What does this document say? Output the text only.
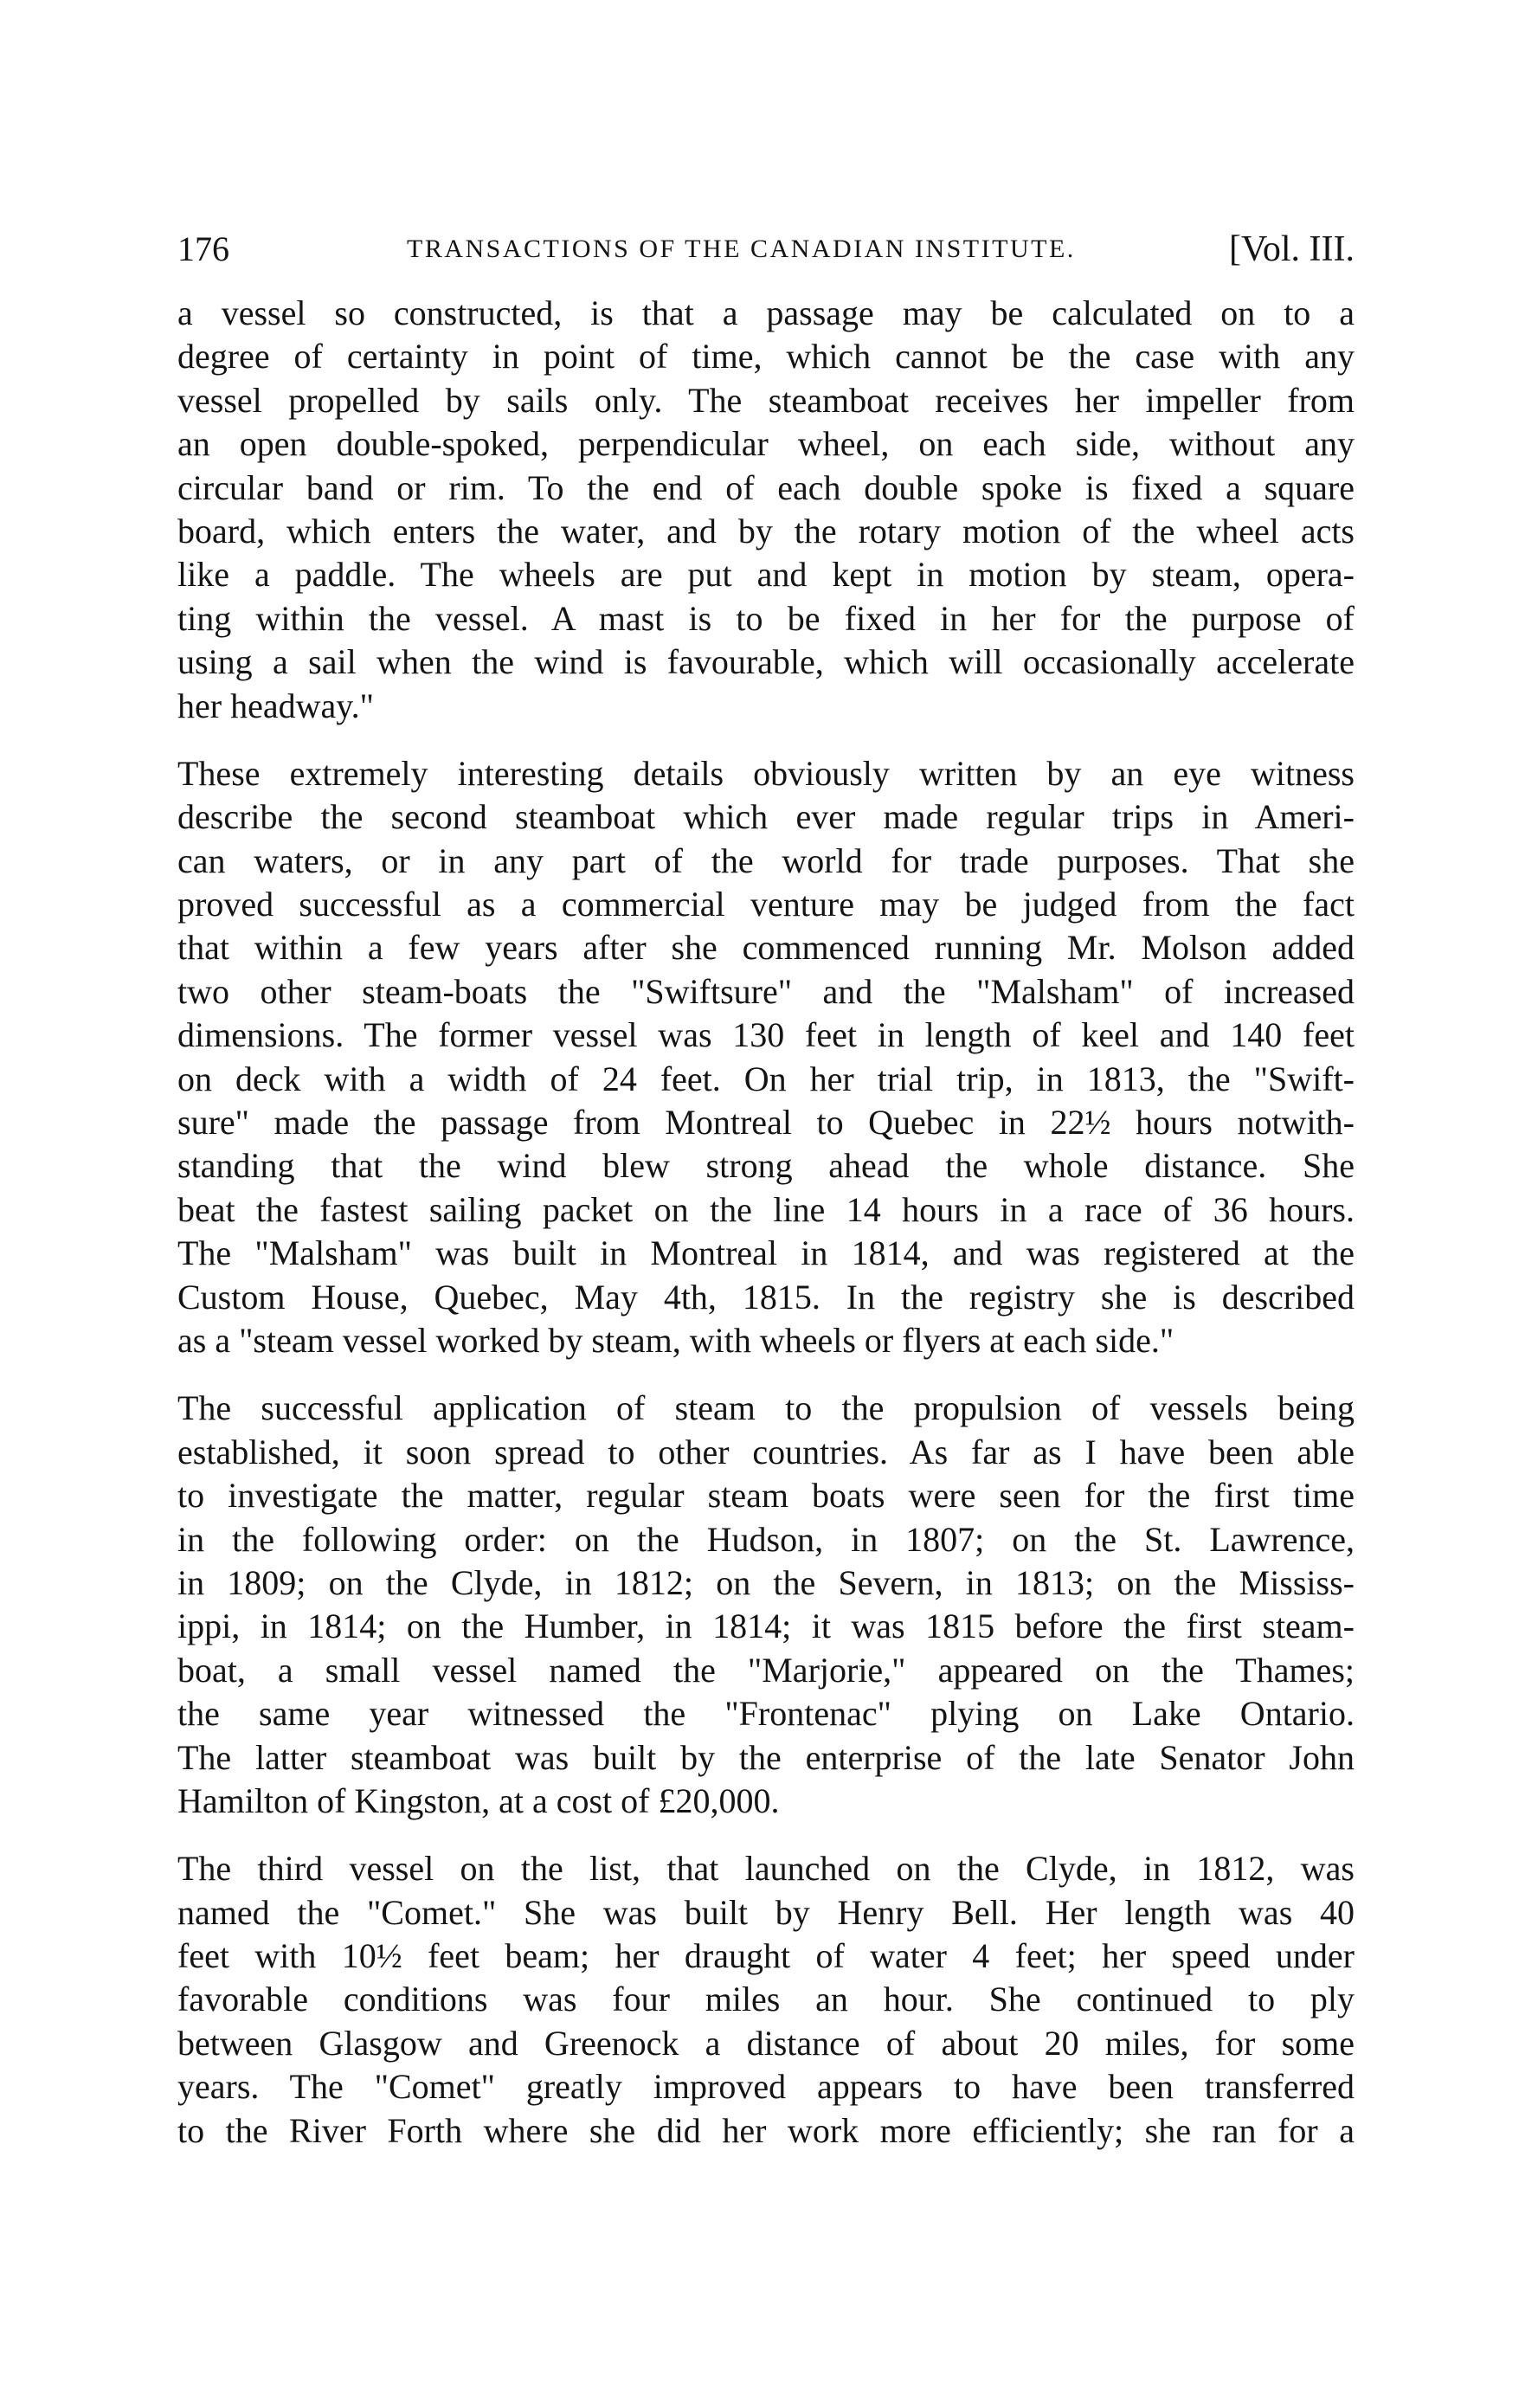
176	TRANSACTIONS OF THE CANADIAN INSTITUTE.	[Vol. III.
a vessel so constructed, is that a passage may be calculated on to a
degree of certainty in point of time, which cannot be the case with any
vessel propelled by sails only. The steamboat receives her impeller from
an open double-spoked, perpendicular wheel, on each side, without any
circular band or rim. To the end of each double spoke is fixed a square
board, which enters the water, and by the rotary motion of the wheel acts
like a paddle. The wheels are put and kept in motion by steam, opera-
ting within the vessel. A mast is to be fixed in her for the purpose of
using a sail when the wind is favourable, which will occasionally accelerate
her headway."
These extremely interesting details obviously written by an eye witness
describe the second steamboat which ever made regular trips in Ameri-
can waters, or in any part of the world for trade purposes. That she
proved successful as a commercial venture may be judged from the fact
that within a few years after she commenced running Mr. Molson added
two other steam-boats the "Swiftsure" and the "Malsham" of increased
dimensions. The former vessel was 130 feet in length of keel and 140 feet
on deck with a width of 24 feet. On her trial trip, in 1813, the "Swift-
sure" made the passage from Montreal to Quebec in 22½ hours notwith-
standing that the wind blew strong ahead the whole distance. She
beat the fastest sailing packet on the line 14 hours in a race of 36 hours.
The "Malsham" was built in Montreal in 1814, and was registered at the
Custom House, Quebec, May 4th, 1815. In the registry she is described
as a "steam vessel worked by steam, with wheels or flyers at each side."
The successful application of steam to the propulsion of vessels being
established, it soon spread to other countries. As far as I have been able
to investigate the matter, regular steam boats were seen for the first time
in the following order: on the Hudson, in 1807; on the St. Lawrence,
in 1809; on the Clyde, in 1812; on the Severn, in 1813; on the Mississ-
ippi, in 1814; on the Humber, in 1814; it was 1815 before the first steam-
boat, a small vessel named the "Marjorie," appeared on the Thames;
the same year witnessed the "Frontenac" plying on Lake Ontario.
The latter steamboat was built by the enterprise of the late Senator John
Hamilton of Kingston, at a cost of £20,000.
The third vessel on the list, that launched on the Clyde, in 1812, was
named the "Comet." She was built by Henry Bell. Her length was 40
feet with 10½ feet beam; her draught of water 4 feet; her speed under
favorable conditions was four miles an hour. She continued to ply
between Glasgow and Greenock a distance of about 20 miles, for some
years. The "Comet" greatly improved appears to have been transferred
to the River Forth where she did her work more efficiently; she ran for a
